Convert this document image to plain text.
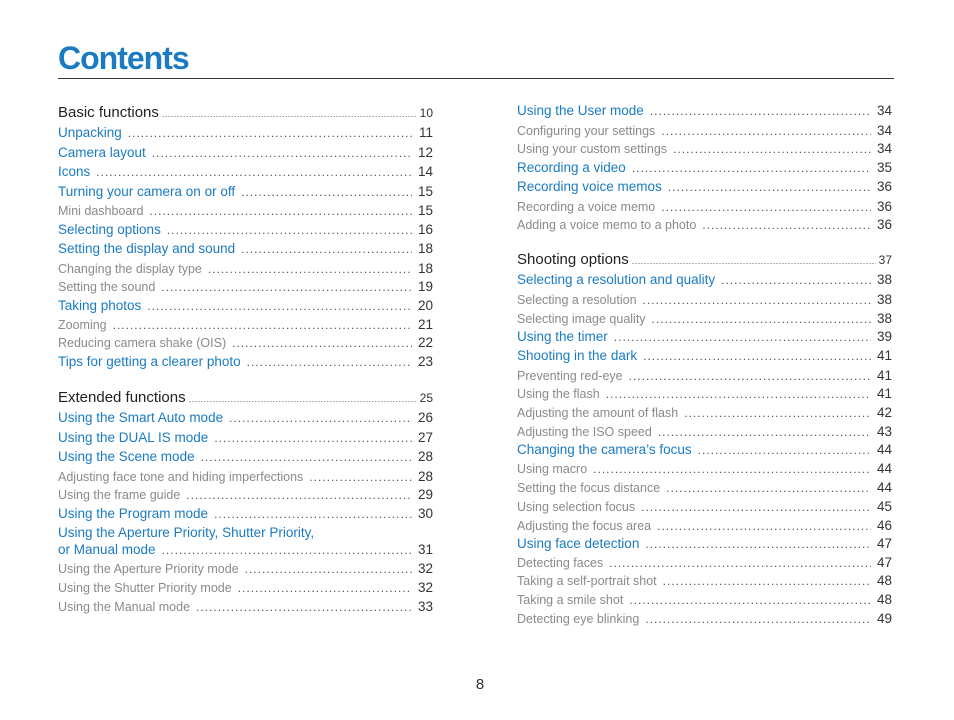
Contents
Basic functions .....	10
Unpacking .....	11
Camera layout .....	12
Icons .....	14
Turning your camera on or off .....	15
Mini dashboard .....	15
Selecting options .....	16
Setting the display and sound .....	18
Changing the display type .....	18
Setting the sound .....	19
Taking photos .....	20
Zooming .....	21
Reducing camera shake (OIS) .....	22
Tips for getting a clearer photo .....	23
Extended functions .....	25
Using the Smart Auto mode .....	26
Using the DUAL IS mode .....	27
Using the Scene mode .....	28
Adjusting face tone and hiding imperfections .....	28
Using the frame guide .....	29
Using the Program mode .....	30
Using the Aperture Priority, Shutter Priority,
or Manual mode .....	31
Using the Aperture Priority mode .....	32
Using the Shutter Priority mode .....	32
Using the Manual mode .....	33
Using the User mode .....	34
Configuring your settings .....	34
Using your custom settings .....	34
Recording a video .....	35
Recording voice memos .....	36
Recording a voice memo .....	36
Adding a voice memo to a photo .....	36
Shooting options .....	37
Selecting a resolution and quality .....	38
Selecting a resolution .....	38
Selecting image quality .....	38
Using the timer .....	39
Shooting in the dark .....	41
Preventing red-eye .....	41
Using the flash .....	41
Adjusting the amount of flash .....	42
Adjusting the ISO speed .....	43
Changing the camera’s focus .....	44
Using macro .....	44
Setting the focus distance .....	44
Using selection focus .....	45
Adjusting the focus area .....	46
Using face detection .....	47
Detecting faces .....	47
Taking a self-portrait shot .....	48
Taking a smile shot .....	48
Detecting eye blinking .....	49
8
